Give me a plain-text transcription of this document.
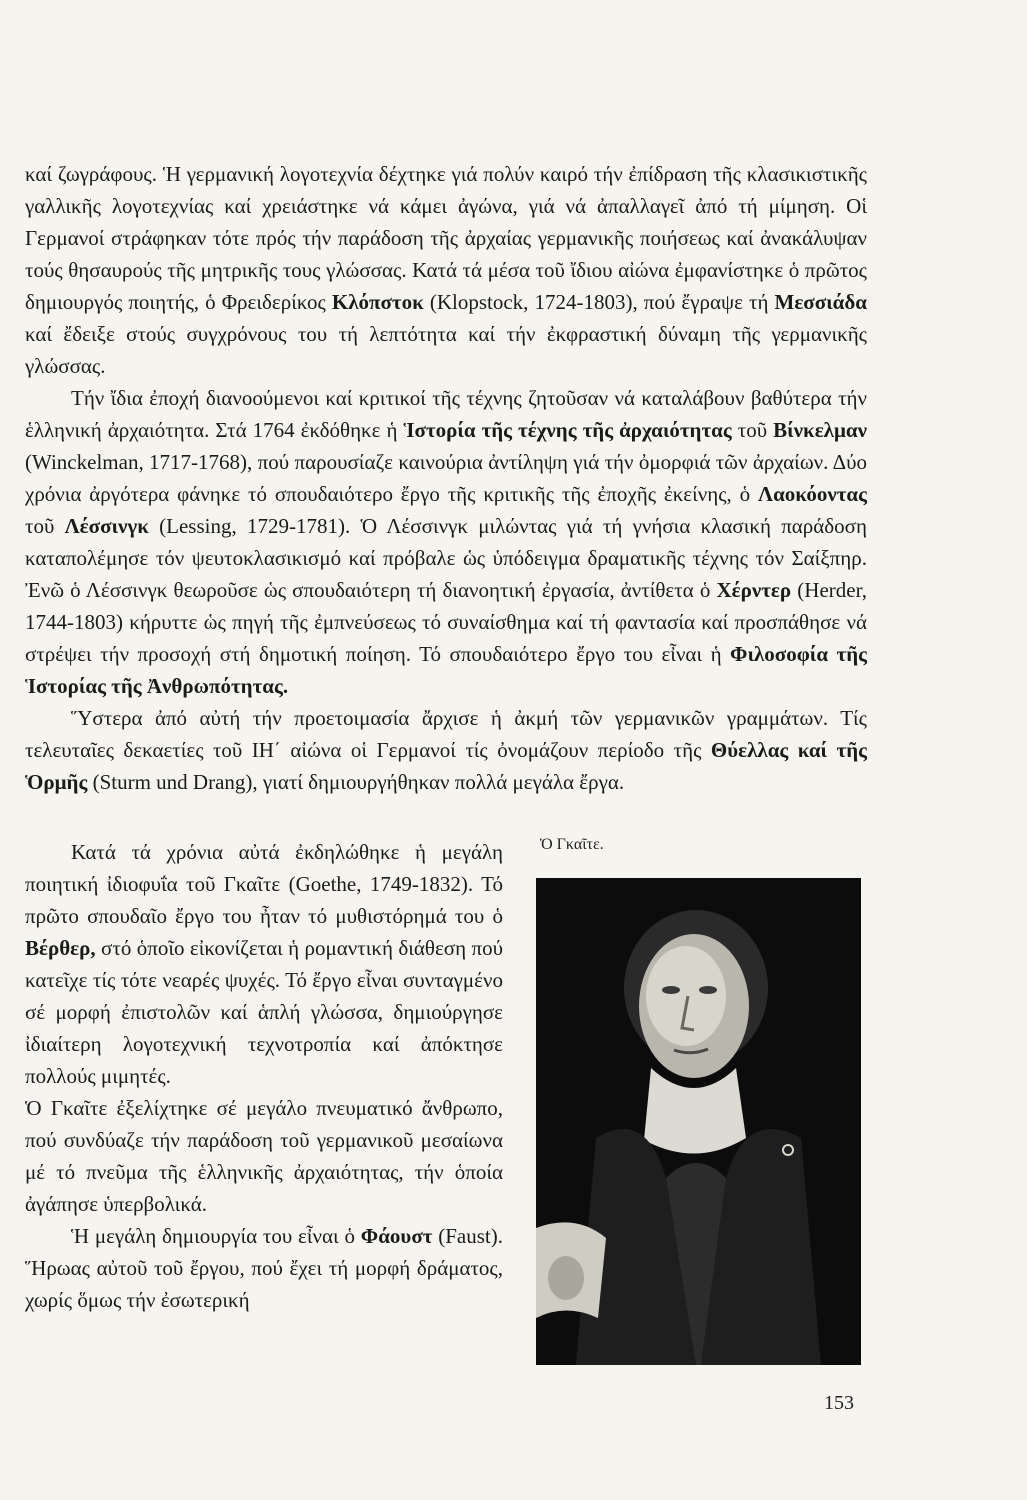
καί ζωγράφους. Ἡ γερμανική λογοτεχνία δέχτηκε γιά πολύν καιρό τήν ἐπίδραση τῆς κλασικιστικῆς γαλλικῆς λογοτεχνίας καί χρειάστηκε νά κάμει ἀγώνα, γιά νά ἀπαλλαγεῖ ἀπό τή μίμηση. Οἱ Γερμανοί στράφηκαν τότε πρός τήν παράδοση τῆς ἀρχαίας γερμανικῆς ποιήσεως καί ἀνακάλυψαν τούς θησαυρούς τῆς μητρικῆς τους γλώσσας. Κατά τά μέσα τοῦ ἴδιου αἰώνα ἐμφανίστηκε ὁ πρῶτος δημιουργός ποιητής, ὁ Φρειδερίκος Κλόπστοκ (Klopstock, 1724-1803), πού ἔγραψε τή Μεσσιάδα καί ἔδειξε στούς συγχρόνους του τή λεπτότητα καί τήν ἐκφραστική δύναμη τῆς γερμανικῆς γλώσσας.

Τήν ἴδια ἐποχή διανοούμενοι καί κριτικοί τῆς τέχνης ζητοῦσαν νά καταλάβουν βαθύτερα τήν ἑλληνική ἀρχαιότητα. Στά 1764 ἐκδόθηκε ἡ Ἱστορία τῆς τέχνης τῆς ἀρχαιότητας τοῦ Βίνκελμαν (Winckelman, 1717-1768), πού παρουσίαζε καινούρια ἀντίληψη γιά τήν ὀμορφιά τῶν ἀρχαίων. Δύο χρόνια ἀργότερα φάνηκε τό σπουδαιότερο ἔργο τῆς κριτικῆς τῆς ἐποχῆς ἐκείνης, ὁ Λαοκόοντας τοῦ Λέσσινγκ (Lessing, 1729-1781). Ὁ Λέσσινγκ μιλώντας γιά τή γνήσια κλασική παράδοση καταπολέμησε τόν ψευτοκλασικισμό καί πρόβαλε ὡς ὑπόδειγμα δραματικῆς τέχνης τόν Σαίξπηρ. Ἐνῶ ὁ Λέσσινγκ θεωροῦσε ὡς σπουδαιότερη τή διανοητική ἐργασία, ἀντίθετα ὁ Χέρντερ (Herder, 1744-1803) κήρυττε ὡς πηγή τῆς ἐμπνεύσεως τό συναίσθημα καί τή φαντασία καί προσπάθησε νά στρέψει τήν προσοχή στή δημοτική ποίηση. Τό σπουδαιότερο ἔργο του εἶναι ἡ Φιλοσοφία τῆς Ἱστορίας τῆς Ἀνθρωπότητας.

Ὕστερα ἀπό αὐτή τήν προετοιμασία ἄρχισε ἡ ἀκμή τῶν γερμανικῶν γραμμάτων. Τίς τελευταῖες δεκαετίες τοῦ ΙΗ΄ αἰώνα οἱ Γερμανοί τίς ὀνομάζουν περίοδο τῆς Θύελλας καί τῆς Ὁρμῆς (Sturm und Drang), γιατί δημιουργήθηκαν πολλά μεγάλα ἔργα.

Ὁ Γκαῖτε.

Κατά τά χρόνια αὐτά ἐκδηλώθηκε ἡ μεγάλη ποιητική ἰδιοφυΐα τοῦ Γκαῖτε (Goethe, 1749-1832). Τό πρῶτο σπουδαῖο ἔργο του ἦταν τό μυθιστόρημά του ὁ Βέρθερ, στό ὁποῖο εἰκονίζεται ἡ ρομαντική διάθεση πού κατεῖχε τίς τότε νεαρές ψυχές. Τό ἔργο εἶναι συνταγμένο σέ μορφή ἐπιστολῶν καί ἁπλή γλώσσα, δημιούργησε ἰδιαίτερη λογοτεχνική τεχνοτροπία καί ἀπόκτησε πολλούς μιμητές.

Ὁ Γκαῖτε ἐξελίχτηκε σέ μεγάλο πνευματικό ἄνθρωπο, πού συνδύαζε τήν παράδοση τοῦ γερμανικοῦ μεσαίωνα μέ τό πνεῦμα τῆς ἑλληνικῆς ἀρχαιότητας, τήν ὁποία ἀγάπησε ὑπερβολικά.

Ἡ μεγάλη δημιουργία του εἶναι ὁ Φάουστ (Faust). Ἥρωας αὐτοῦ τοῦ ἔργου, πού ἔχει τή μορφή δράματος, χωρίς ὅμως τήν ἐσωτερική

153
